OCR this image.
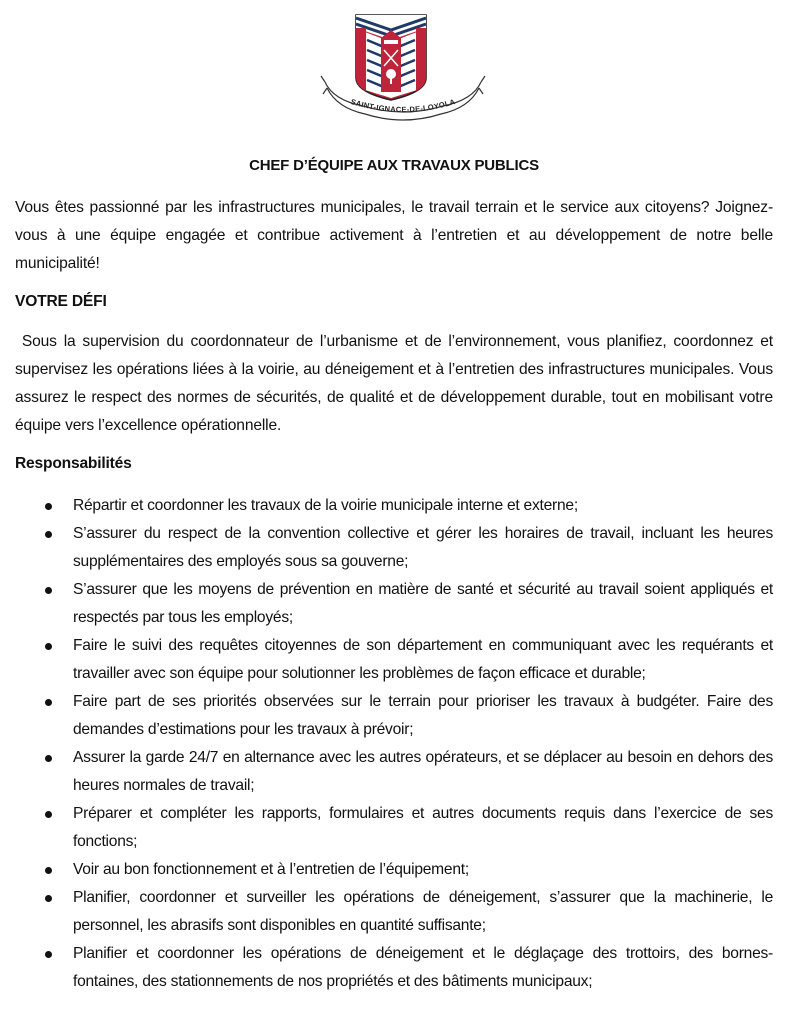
SAINT-IGNACE-DE-LOYOLA
CHEF D’ÉQUIPE AUX TRAVAUX PUBLICS
Vous êtes passionné par les infrastructures municipales, le travail terrain et le service aux citoyens? Joignez-vous à une équipe engagée et contribue activement à l’entretien et au développement de notre belle municipalité!
VOTRE DÉFI
Sous la supervision du coordonnateur de l’urbanisme et de l’environnement, vous planifiez, coordonnez et supervisez les opérations liées à la voirie, au déneigement et à l’entretien des infrastructures municipales. Vous assurez le respect des normes de sécurités, de qualité et de développement durable, tout en mobilisant votre équipe vers l’excellence opérationnelle.
Responsabilités
Répartir et coordonner les travaux de la voirie municipale interne et externe;
S’assurer du respect de la convention collective et gérer les horaires de travail, incluant les heures supplémentaires des employés sous sa gouverne;
S’assurer que les moyens de prévention en matière de santé et sécurité au travail soient appliqués et respectés par tous les employés;
Faire le suivi des requêtes citoyennes de son département en communiquant avec les requérants et travailler avec son équipe pour solutionner les problèmes de façon efficace et durable;
Faire part de ses priorités observées sur le terrain pour prioriser les travaux à budgéter. Faire des demandes d’estimations pour les travaux à prévoir;
Assurer la garde 24/7 en alternance avec les autres opérateurs, et se déplacer au besoin en dehors des heures normales de travail;
Préparer et compléter les rapports, formulaires et autres documents requis dans l’exercice de ses fonctions;
Voir au bon fonctionnement et à l’entretien de l’équipement;
Planifier, coordonner et surveiller les opérations de déneigement, s’assurer que la machinerie, le personnel, les abrasifs sont disponibles en quantité suffisante;
Planifier et coordonner les opérations de déneigement et le déglaçage des trottoirs, des bornes-fontaines, des stationnements de nos propriétés et des bâtiments municipaux;
